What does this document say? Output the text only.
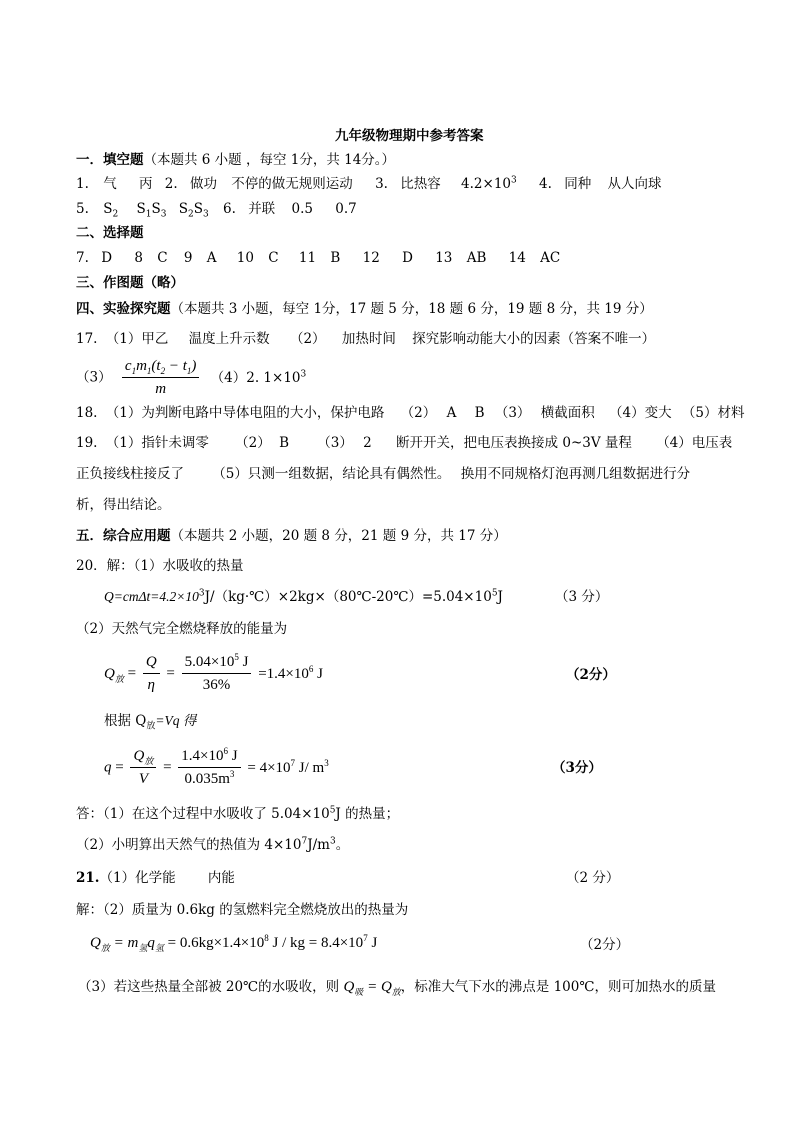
九年级物理期中参考答案
一．填空题（本题共 6 小题 ，每空 1分，共 14分。）
1. 气 丙 2. 做功 不停的做无规则运动 3. 比热容 $4.2\times 10^3$ 4. 同种 从人向球
5. $S_2$ $S_1S_3$ $S_2S_3$ 6. 并联 0.5 0.7
二、选择题
7. D 8 C 9 A 10 C 11 B 12 D 13 AB 14 AC
三、作图题（略）
四、实验探究题（本题共 3 小题，每空 1分，17 题 5 分，18 题 6 分，19 题 8 分，共 19 分）
17. （1）甲乙 温度上升示数 （2） 加热时间 探究影响动能大小的因素（答案不唯一）
$(3) \frac{c_1m_1(t_2 - t_1)}{m} (4)2$. $1\times 10^3$
18. （1）为判断电路中导体电阻的大小，保护电路 （2） A B （3） 横截面积 （4）变大 （5）材料
19. （1）指针未调零 （2） B （3） 2 断开开关，把电压表换接成 0~3V 量程 （4）电压表
正负接线柱接反了 （5）只测一组数据，结论具有偶然性。 换用不同规格灯泡再测几组数据进行分
析，得出结论。
五．综合应用题（本题共 2 小题，20 题 8 分，21 题 9 分，共 17 分）
20．解：（1）水吸收的热量
$Q=cm\Delta t=4.2\times 10^3J/(kg\cdot℃)\times 2kg\times(80℃-20℃)=5.04\times 10^5J$	（3 分）
（2）天然气完全燃烧释放的能量为
$Q_放 = \frac{Q}{\eta} = \frac{5.04\times 10^5 J}{36\%} =1.4\times 10^6$ J	（2分）
根据 $Q_放=Vq$ 得
$q = \frac{Q_放}{V} = \frac{1.4\times 10^6 J}{0.035m^3} = 4\times 10^7$ J/ $m^3$	（3分）
答：（1）在这个过程中水吸收了 $5.04\times 10^5J$ 的热量；
（2）小明算出天然气的热值为 $4\times 10^7J/m^3$。
21.（1）化学能 内能	（2 分）
解：（2）质量为 0.6kg 的氢燃料完全燃烧放出的热量为
$Q_放 = m_氢q_氢 = 0.6kg\times 1.4\times 10^8$ J / kg = $8.4\times 10^7$ J	（2分）
（3）若这些热量全部被 20℃的水吸收，则 $Q_吸 = Q_放$，标准大气下水的沸点是 100℃，则可加热水的质量
